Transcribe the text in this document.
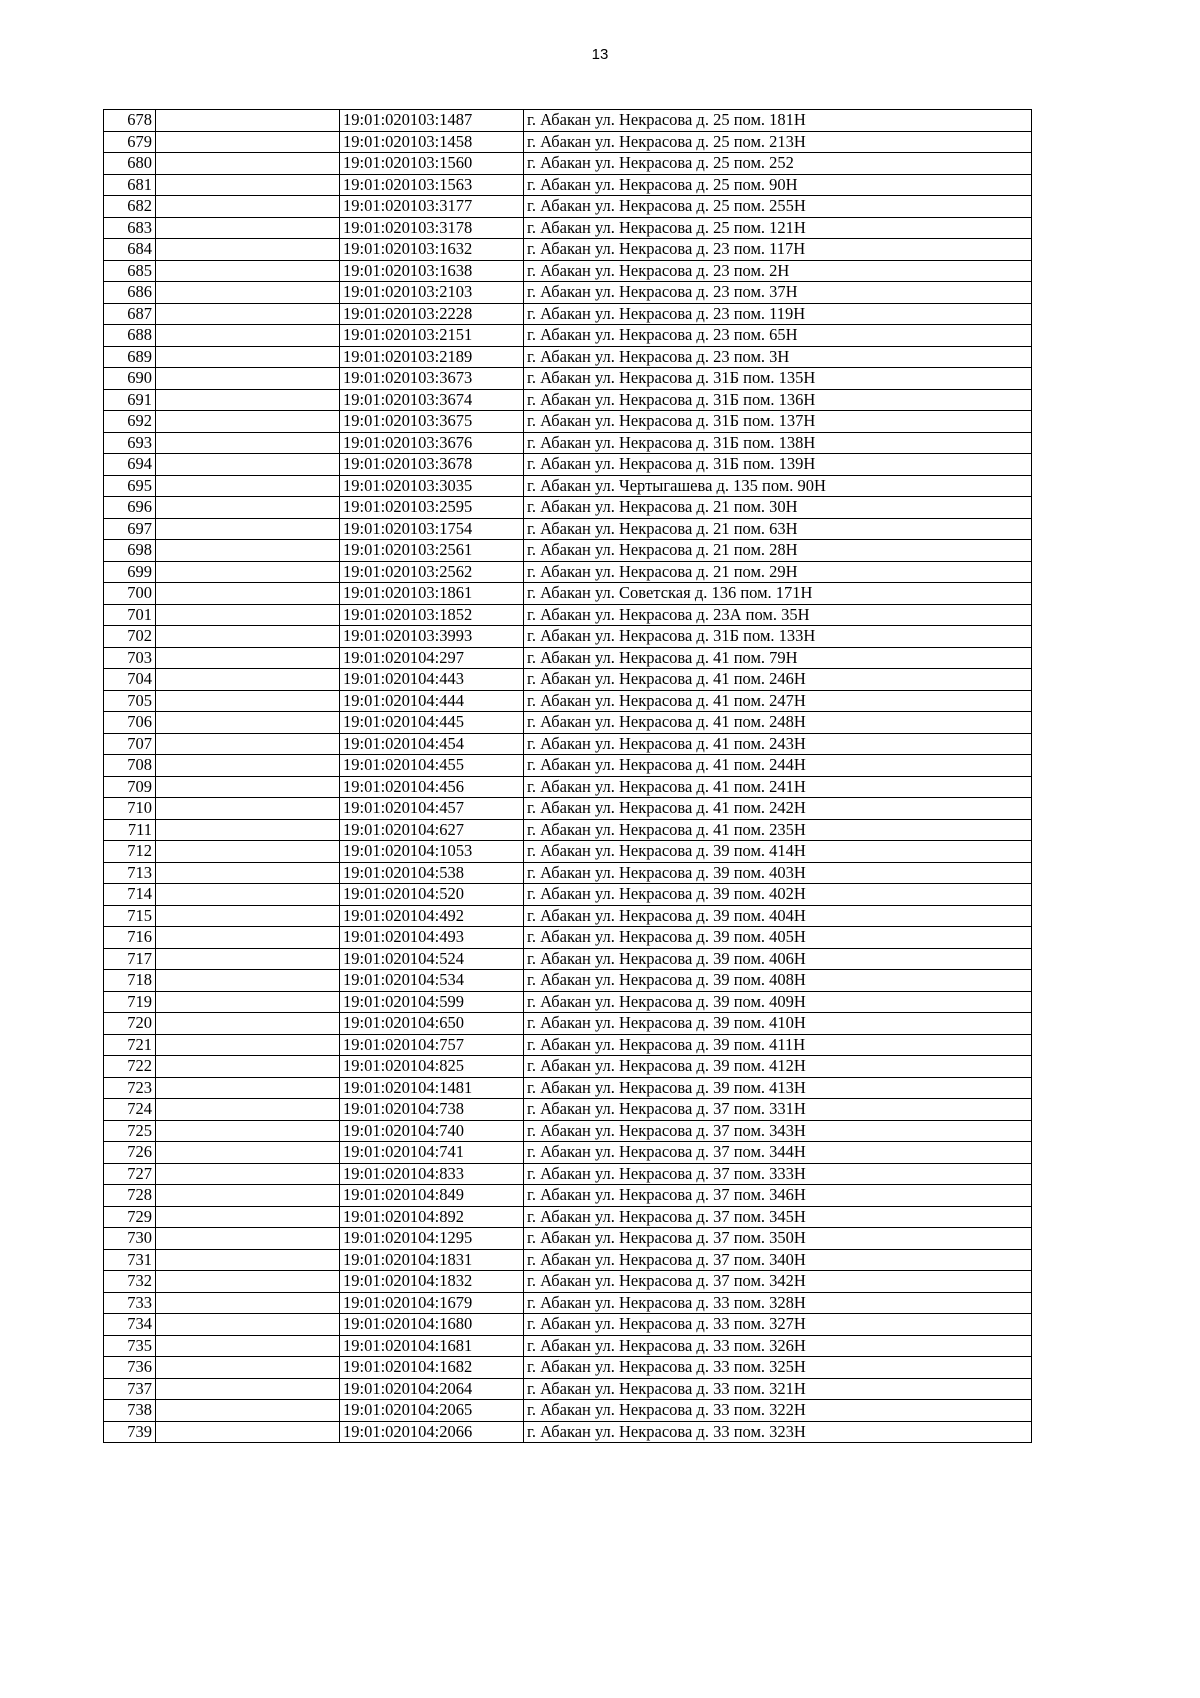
13
678		19:01:020103:1487	г. Абакан ул. Некрасова д. 25 пом. 181Н
679		19:01:020103:1458	г. Абакан ул. Некрасова д. 25 пом. 213Н
680		19:01:020103:1560	г. Абакан ул. Некрасова д. 25 пом. 252
681		19:01:020103:1563	г. Абакан ул. Некрасова д. 25 пом. 90Н
682		19:01:020103:3177	г. Абакан ул. Некрасова д. 25 пом. 255Н
683		19:01:020103:3178	г. Абакан ул. Некрасова д. 25 пом. 121Н
684		19:01:020103:1632	г. Абакан ул. Некрасова д. 23 пом. 117Н
685		19:01:020103:1638	г. Абакан ул. Некрасова д. 23 пом. 2Н
686		19:01:020103:2103	г. Абакан ул. Некрасова д. 23 пом. 37Н
687		19:01:020103:2228	г. Абакан ул. Некрасова д. 23 пом. 119Н
688		19:01:020103:2151	г. Абакан ул. Некрасова д. 23 пом. 65Н
689		19:01:020103:2189	г. Абакан ул. Некрасова д. 23 пом. 3Н
690		19:01:020103:3673	г. Абакан ул. Некрасова д. 31Б пом. 135Н
691		19:01:020103:3674	г. Абакан ул. Некрасова д. 31Б пом. 136Н
692		19:01:020103:3675	г. Абакан ул. Некрасова д. 31Б пом. 137Н
693		19:01:020103:3676	г. Абакан ул. Некрасова д. 31Б пом. 138Н
694		19:01:020103:3678	г. Абакан ул. Некрасова д. 31Б пом. 139Н
695		19:01:020103:3035	г. Абакан ул. Чертыгашева д. 135 пом. 90Н
696		19:01:020103:2595	г. Абакан ул. Некрасова д. 21 пом. 30Н
697		19:01:020103:1754	г. Абакан ул. Некрасова д. 21 пом. 63Н
698		19:01:020103:2561	г. Абакан ул. Некрасова д. 21 пом. 28Н
699		19:01:020103:2562	г. Абакан ул. Некрасова д. 21 пом. 29Н
700		19:01:020103:1861	г. Абакан ул. Советская д. 136 пом. 171Н
701		19:01:020103:1852	г. Абакан ул. Некрасова д. 23А пом. 35Н
702		19:01:020103:3993	г. Абакан ул. Некрасова д. 31Б пом. 133Н
703		19:01:020104:297	г. Абакан ул. Некрасова д. 41 пом. 79Н
704		19:01:020104:443	г. Абакан ул. Некрасова д. 41 пом. 246Н
705		19:01:020104:444	г. Абакан ул. Некрасова д. 41 пом. 247Н
706		19:01:020104:445	г. Абакан ул. Некрасова д. 41 пом. 248Н
707		19:01:020104:454	г. Абакан ул. Некрасова д. 41 пом. 243Н
708		19:01:020104:455	г. Абакан ул. Некрасова д. 41 пом. 244Н
709		19:01:020104:456	г. Абакан ул. Некрасова д. 41 пом. 241Н
710		19:01:020104:457	г. Абакан ул. Некрасова д. 41 пом. 242Н
711		19:01:020104:627	г. Абакан ул. Некрасова д. 41 пом. 235Н
712		19:01:020104:1053	г. Абакан ул. Некрасова д. 39 пом. 414Н
713		19:01:020104:538	г. Абакан ул. Некрасова д. 39 пом. 403Н
714		19:01:020104:520	г. Абакан ул. Некрасова д. 39 пом. 402Н
715		19:01:020104:492	г. Абакан ул. Некрасова д. 39 пом. 404Н
716		19:01:020104:493	г. Абакан ул. Некрасова д. 39 пом. 405Н
717		19:01:020104:524	г. Абакан ул. Некрасова д. 39 пом. 406Н
718		19:01:020104:534	г. Абакан ул. Некрасова д. 39 пом. 408Н
719		19:01:020104:599	г. Абакан ул. Некрасова д. 39 пом. 409Н
720		19:01:020104:650	г. Абакан ул. Некрасова д. 39 пом. 410Н
721		19:01:020104:757	г. Абакан ул. Некрасова д. 39 пом. 411Н
722		19:01:020104:825	г. Абакан ул. Некрасова д. 39 пом. 412Н
723		19:01:020104:1481	г. Абакан ул. Некрасова д. 39 пом. 413Н
724		19:01:020104:738	г. Абакан ул. Некрасова д. 37 пом. 331Н
725		19:01:020104:740	г. Абакан ул. Некрасова д. 37 пом. 343Н
726		19:01:020104:741	г. Абакан ул. Некрасова д. 37 пом. 344Н
727		19:01:020104:833	г. Абакан ул. Некрасова д. 37 пом. 333Н
728		19:01:020104:849	г. Абакан ул. Некрасова д. 37 пом. 346Н
729		19:01:020104:892	г. Абакан ул. Некрасова д. 37 пом. 345Н
730		19:01:020104:1295	г. Абакан ул. Некрасова д. 37 пом. 350Н
731		19:01:020104:1831	г. Абакан ул. Некрасова д. 37 пом. 340Н
732		19:01:020104:1832	г. Абакан ул. Некрасова д. 37 пом. 342Н
733		19:01:020104:1679	г. Абакан ул. Некрасова д. 33 пом. 328Н
734		19:01:020104:1680	г. Абакан ул. Некрасова д. 33 пом. 327Н
735		19:01:020104:1681	г. Абакан ул. Некрасова д. 33 пом. 326Н
736		19:01:020104:1682	г. Абакан ул. Некрасова д. 33 пом. 325Н
737		19:01:020104:2064	г. Абакан ул. Некрасова д. 33 пом. 321Н
738		19:01:020104:2065	г. Абакан ул. Некрасова д. 33 пом. 322Н
739		19:01:020104:2066	г. Абакан ул. Некрасова д. 33 пом. 323Н
